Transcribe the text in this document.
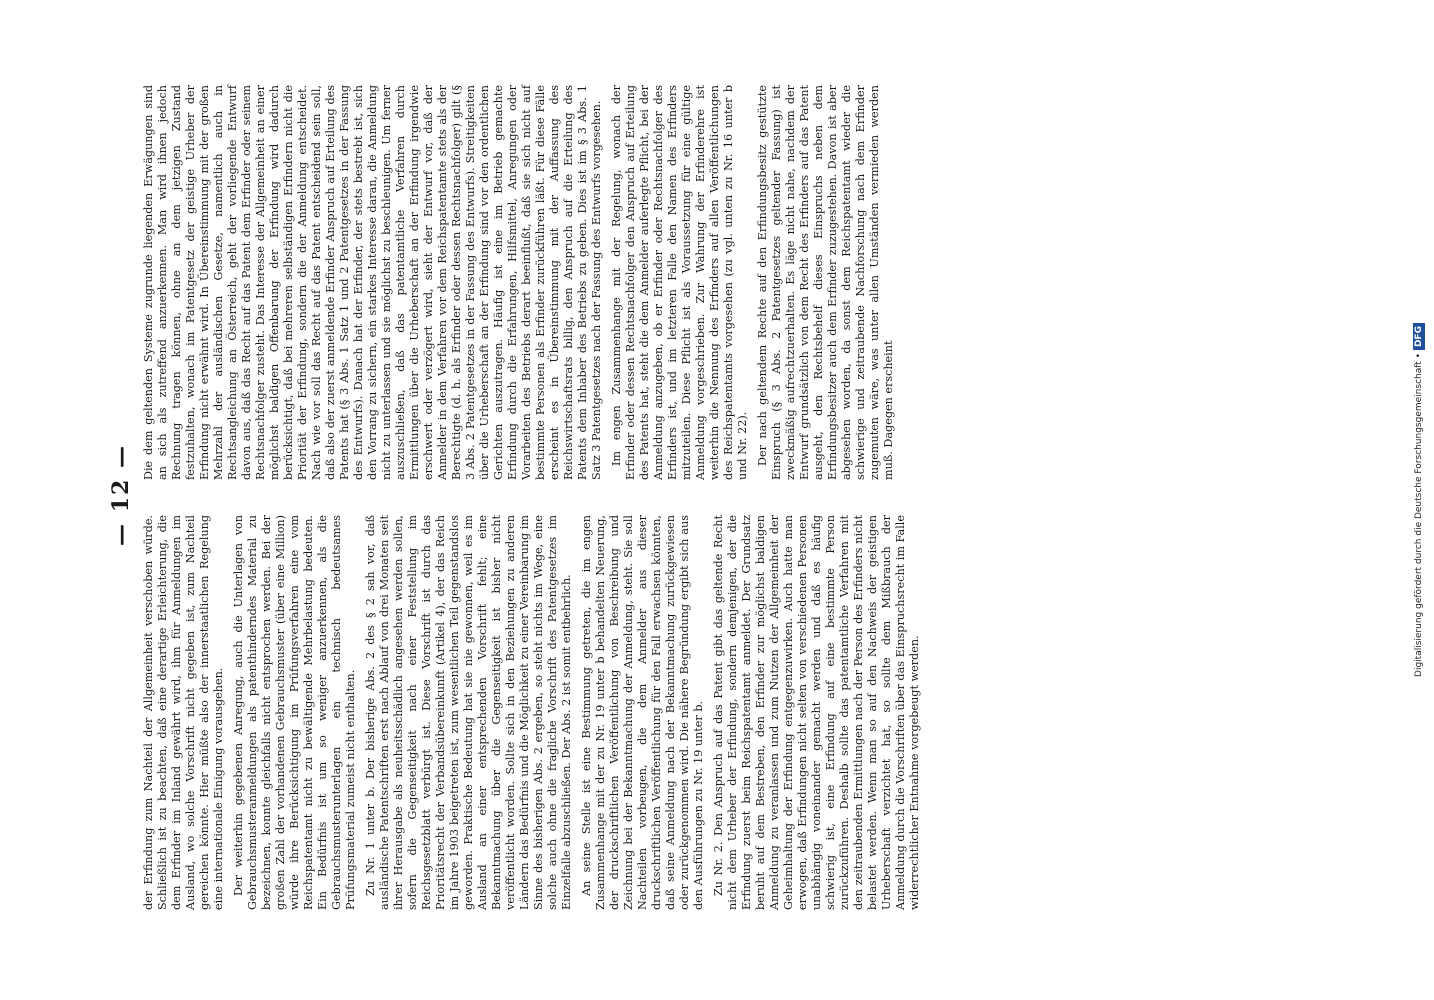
— 12 —

der Erfindung zum Nachteil der Allgemeinheit verschoben würde. Schließlich ist zu beachten, daß eine derartige Erleichterung, die dem Erfinder im Inland gewährt wird, ihm für Anmeldungen im Ausland, wo solche Vorschrift nicht gegeben ist, zum Nachteil gereichen könnte. Hier müßte also der innerstaatlichen Regelung eine internationale Einigung vorausgehen. Der weiterhin gegebenen Anregung, auch die Unterlagen von Gebrauchsmusteranmeldungen als patenthinderndes Material zu bezeichnen, konnte gleichfalls nicht entsprochen werden. Bei der großen Zahl der vorhandenen Gebrauchsmuster (über eine Million) würde ihre Berücksichtigung im Prüfungsverfahren eine vom Reichspatentamt nicht zu bewältigende Mehrbelastung bedeuten. Ein Bedürfnis ist um so weniger anzuerkennen, als die Gebrauchsmusterunterlagen ein technisch bedeutsames Prüfungsmaterial zumeist nicht enthalten. Zu Nr. 1 unter b. Der bisherige Abs. 2 des § 2 sah vor, daß ausländische Patentschriften erst nach Ablauf von drei Monaten seit ihrer Herausgabe als neuheitsschädlich angesehen werden sollen, sofern die Gegenseitigkeit nach einer Feststellung im Reichsgesetzblatt verbürgt ist. Diese Vorschrift ist durch das Prioritätsrecht der Verbandsübereinkunft (Artikel 4), der das Reich im Jahre 1903 beigetreten ist, zum wesentlichen Teil gegenstandslos geworden. Praktische Bedeutung hat sie nie gewonnen, weil es im Ausland an einer entsprechenden Vorschrift fehlt; eine Bekanntmachung über die Gegenseitigkeit ist bisher nicht veröffentlicht worden. Sollte sich in den Beziehungen zu anderen Ländern das Bedürfnis und die Möglichkeit zu einer Vereinbarung im Sinne des bisherigen Abs. 2 ergeben, so steht nichts im Wege, eine solche auch ohne die fragliche Vorschrift des Patentgesetzes im Einzelfalle abzuschließen. Der Abs. 2 ist somit entbehrlich. An seine Stelle ist eine Bestimmung getreten, die im engen Zusammenhange mit der zu Nr. 19 unter b behandelten Neuerung, der druckschriftlichen Veröffentlichung von Beschreibung und Zeichnung bei der Bekanntmachung der Anmeldung, steht. Sie soll Nachteilen vorbeugen, die dem Anmelder aus dieser druckschriftlichen Veröffentlichung für den Fall erwachsen könnten, daß seine Anmeldung nach der Bekanntmachung zurückgewiesen oder zurückgenommen wird. Die nähere Begründung ergibt sich aus den Ausführungen zu Nr. 19 unter b. Zu Nr. 2. Den Anspruch auf das Patent gibt das geltende Recht nicht dem Urheber der Erfindung, sondern demjenigen, der die Erfindung zuerst beim Reichspatentamt anmeldet. Der Grundsatz beruht auf dem Bestreben, den Erfinder zur möglichst baldigen Anmeldung zu veranlassen und zum Nutzen der Allgemeinheit der Geheimhaltung der Erfindung entgegenzuwirken. Auch hatte man erwogen, daß Erfindungen nicht selten von verschiedenen Personen unabhängig voneinander gemacht werden und daß es häufig schwierig ist, eine Erfindung auf eine bestimmte Person zurückzuführen. Deshalb sollte das patentamtliche Verfahren mit den zeitraubenden Ermittlungen nach der Person des Erfinders nicht belastet werden. Wenn man so auf den Nachweis der geistigen Urheberschaft verzichtet hat, so sollte dem Mißbrauch der Anmeldung durch die Vorschriften über das Einspruchsrecht im Falle widerrechtlicher Entnahme vorgebeugt werden.

Die dem geltenden Systeme zugrunde liegenden Erwägungen sind an sich als zutreffend anzuerkennen. Man wird ihnen jedoch Rechnung tragen können, ohne an dem jetzigen Zustand festzuhalten, wonach im Patentgesetz der geistige Urheber der Erfindung nicht erwähnt wird. In Übereinstimmung mit der großen Mehrzahl der ausländischen Gesetze, namentlich auch in Rechtsangleichung an Österreich, geht der vorliegende Entwurf davon aus, daß das Recht auf das Patent dem Erfinder oder seinem Rechtsnachfolger zusteht. Das Interesse der Allgemeinheit an einer möglichst baldigen Offenbarung der Erfindung wird dadurch berücksichtigt, daß bei mehreren selbständigen Erfindern nicht die Priorität der Erfindung, sondern die der Anmeldung entscheidet. Nach wie vor soll das Recht auf das Patent entscheidend sein soll, daß also der zuerst anmeldende Erfinder Anspruch auf Erteilung des Patents hat (§ 3 Abs. 1 Satz 1 und 2 Patentgesetzes in der Fassung des Entwurfs). Danach hat der Erfinder, der stets bestrebt ist, sich den Vorrang zu sichern, ein starkes Interesse daran, die Anmeldung nicht zu unterlassen und sie möglichst zu beschleunigen. Um ferner auszuschließen, daß das patentamtliche Verfahren durch Ermittlungen über die Urheberschaft an der Erfindung irgendwie erschwert oder verzögert wird, sieht der Entwurf vor, daß der Anmelder in dem Verfahren vor dem Reichspatentamte stets als der Berechtigte (d. h. als Erfinder oder dessen Rechtsnachfolger) gilt (§ 3 Abs. 2 Patentgesetzes in der Fassung des Entwurfs). Streitigkeiten über die Urheberschaft an der Erfindung sind vor den ordentlichen Gerichten auszutragen. Häufig ist eine im Betrieb gemachte Erfindung durch die Erfahrungen, Hilfsmittel, Anregungen oder Vorarbeiten des Betriebs derart beeinflußt, daß sie sich nicht auf bestimmte Personen als Erfinder zurückführen läßt. Für diese Fälle erscheint es in Übereinstimmung mit der Auffassung des Reichswirtschaftsrats billig, den Anspruch auf die Erteilung des Patents dem Inhaber des Betriebs zu geben. Dies ist im § 3 Abs. 1 Satz 3 Patentgesetzes nach der Fassung des Entwurfs vorgesehen. Im engen Zusammenhange mit der Regelung, wonach der Erfinder oder dessen Rechtsnachfolger den Anspruch auf Erteilung des Patents hat, steht die dem Anmelder auferlegte Pflicht, bei der Anmeldung anzugeben, ob er Erfinder oder Rechtsnachfolger des Erfinders ist, und im letzteren Falle den Namen des Erfinders mitzuteilen. Diese Pflicht ist als Voraussetzung für eine gültige Anmeldung vorgeschrieben. Zur Wahrung der Erfinderehre ist weiterhin die Nennung des Erfinders auf allen Veröffentlichungen des Reichspatentamts vorgesehen (zu vgl. unten zu Nr. 16 unter b und Nr. 22). Der nach geltendem Rechte auf den Erfindungsbesitz gestützte Einspruch (§ 3 Abs. 2 Patentgesetzes geltender Fassung) ist zweckmäßig aufrechtzuerhalten. Es läge nicht nahe, nachdem der Entwurf grundsätzlich von dem Recht des Erfinders auf das Patent ausgeht, den Rechtsbehelf dieses Einspruchs neben dem Erfindungsbesitzer auch dem Erfinder zuzugestehen. Davon ist aber abgesehen worden, da sonst dem Reichspatentamt wieder die schwierige und zeitraubende Nachforschung nach dem Erfinder zugemuten wäre, was unter allen Umständen vermieden werden muß. Dagegen erscheint	Digitalisierung gefördert durch die Deutsche Forschungsgemeinschaft •DFG
